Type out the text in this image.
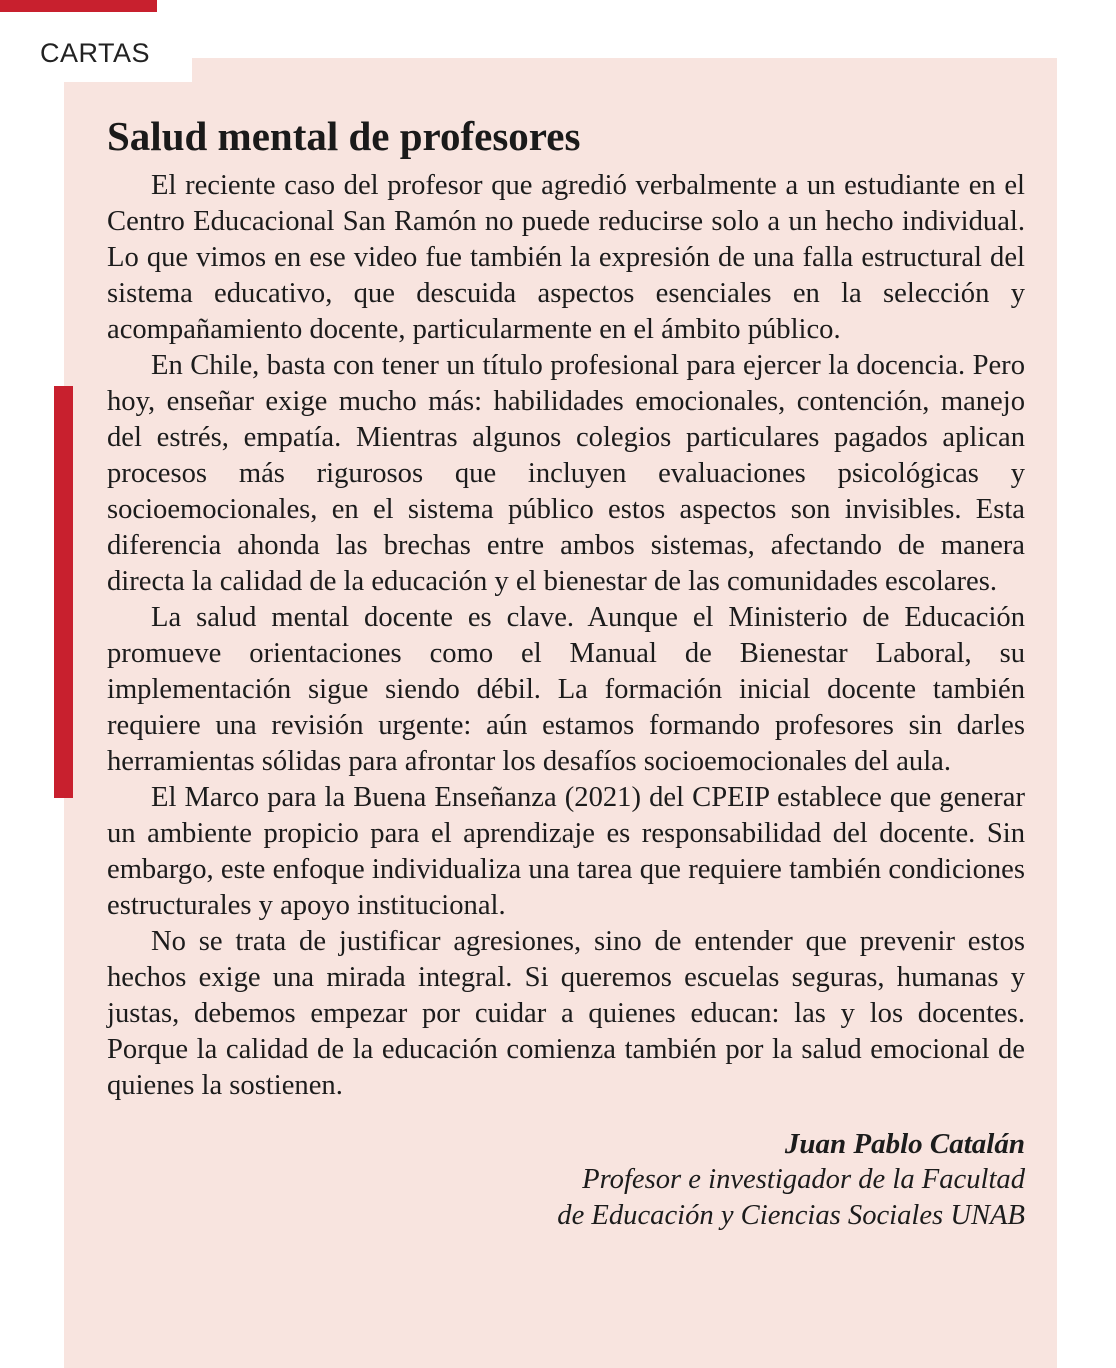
CARTAS
Salud mental de profesores

El reciente caso del profesor que agredió verbalmente a un estudiante en el Centro Educacional San Ramón no puede reducirse solo a un hecho individual. Lo que vimos en ese video fue también la expresión de una falla estructural del sistema educativo, que descuida aspectos esenciales en la selección y acompañamiento docente, particularmente en el ámbito público.

En Chile, basta con tener un título profesional para ejercer la docencia. Pero hoy, enseñar exige mucho más: habilidades emocionales, contención, manejo del estrés, empatía. Mientras algunos colegios particulares pagados aplican procesos más rigurosos que incluyen evaluaciones psicológicas y socioemocionales, en el sistema público estos aspectos son invisibles. Esta diferencia ahonda las brechas entre ambos sistemas, afectando de manera directa la calidad de la educación y el bienestar de las comunidades escolares.

La salud mental docente es clave. Aunque el Ministerio de Educación promueve orientaciones como el Manual de Bienestar Laboral, su implementación sigue siendo débil. La formación inicial docente también requiere una revisión urgente: aún estamos formando profesores sin darles herramientas sólidas para afrontar los desafíos socioemocionales del aula.

El Marco para la Buena Enseñanza (2021) del CPEIP establece que generar un ambiente propicio para el aprendizaje es responsabilidad del docente. Sin embargo, este enfoque individualiza una tarea que requiere también condiciones estructurales y apoyo institucional.

No se trata de justificar agresiones, sino de entender que prevenir estos hechos exige una mirada integral. Si queremos escuelas seguras, humanas y justas, debemos empezar por cuidar a quienes educan: las y los docentes. Porque la calidad de la educación comienza también por la salud emocional de quienes la sostienen.

Juan Pablo Catalán
Profesor e investigador de la Facultad
de Educación y Ciencias Sociales UNAB
